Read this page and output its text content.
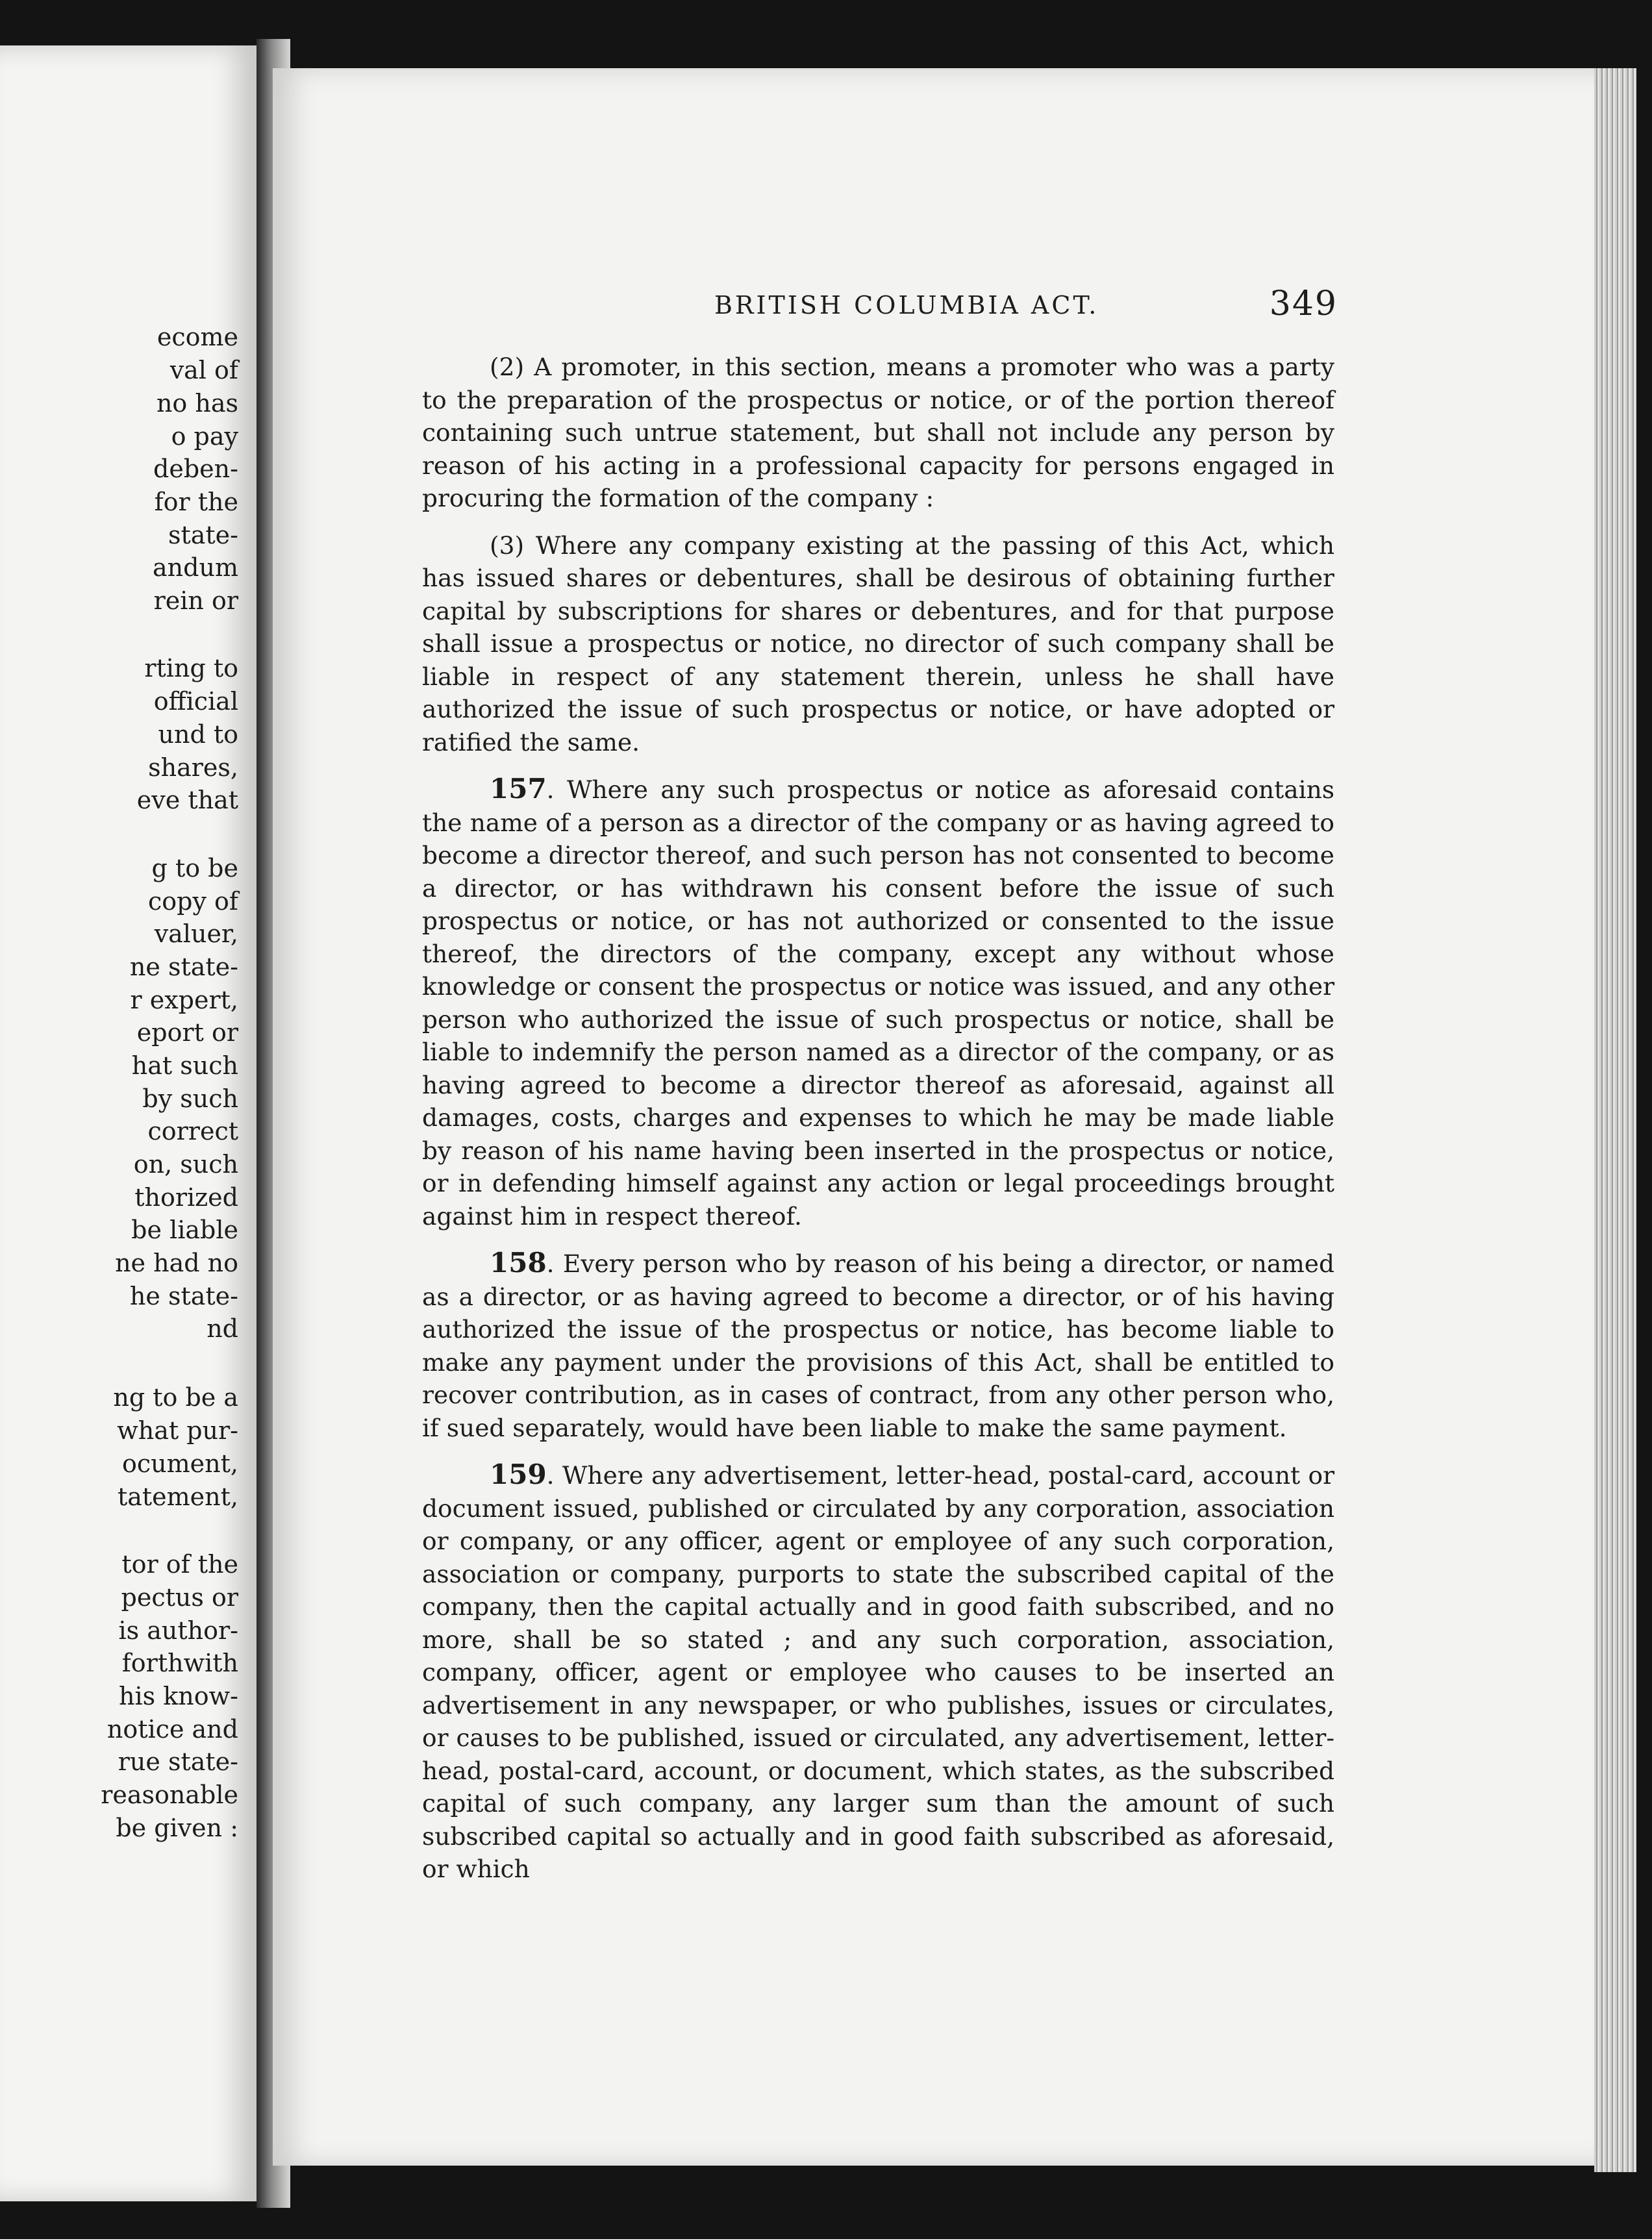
ecome
val of
no has
o pay
deben-
for the
state-
andum
rein or
rting to
official
und to
shares,
eve that
g to be
copy of
valuer,
ne state-
r expert,
eport or
hat such
by such
correct
on, such
thorized
be liable
ne had no
he state-
nd
ng to be a
what pur-
ocument,
tatement,
tor of the
pectus or
is author-
forthwith
his know-
notice and
rue state-
reasonable
be given :
BRITISH COLUMBIA ACT.	349

(2) A promoter, in this section, means a promoter who was a party to the preparation of the prospectus or notice, or of the portion thereof containing such untrue statement, but shall not include any person by reason of his acting in a professional capacity for persons engaged in procuring the formation of the company :

(3) Where any company existing at the passing of this Act, which has issued shares or debentures, shall be desirous of obtaining further capital by subscriptions for shares or debentures, and for that purpose shall issue a prospectus or notice, no director of such company shall be liable in respect of any statement therein, unless he shall have authorized the issue of such prospectus or notice, or have adopted or ratified the same.

157. Where any such prospectus or notice as aforesaid contains the name of a person as a director of the company or as having agreed to become a director thereof, and such person has not consented to become a director, or has withdrawn his consent before the issue of such prospectus or notice, or has not authorized or consented to the issue thereof, the directors of the company, except any without whose knowledge or consent the prospectus or notice was issued, and any other person who authorized the issue of such prospectus or notice, shall be liable to indemnify the person named as a director of the company, or as having agreed to become a director thereof as aforesaid, against all damages, costs, charges and expenses to which he may be made liable by reason of his name having been inserted in the prospectus or notice, or in defending himself against any action or legal proceedings brought against him in respect thereof.

158. Every person who by reason of his being a director, or named as a director, or as having agreed to become a director, or of his having authorized the issue of the prospectus or notice, has become liable to make any payment under the provisions of this Act, shall be entitled to recover contribution, as in cases of contract, from any other person who, if sued separately, would have been liable to make the same payment.

159. Where any advertisement, letter-head, postal-card, account or document issued, published or circulated by any corporation, association or company, or any officer, agent or employee of any such corporation, association or company, purports to state the subscribed capital of the company, then the capital actually and in good faith subscribed, and no more, shall be so stated ; and any such corporation, association, company, officer, agent or employee who causes to be inserted an advertisement in any newspaper, or who publishes, issues or circulates, or causes to be published, issued or circulated, any advertisement, letter-head, postal-card, account, or document, which states, as the subscribed capital of such company, any larger sum than the amount of such subscribed capital so actually and in good faith subscribed as aforesaid, or which
